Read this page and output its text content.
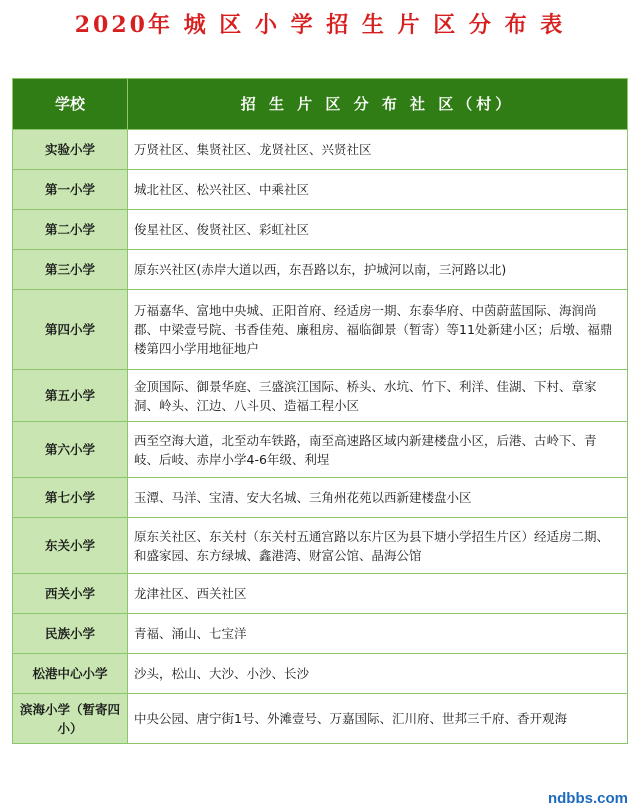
2020年 城 区 小 学 招 生 片 区 分 布 表
学校	招 生 片 区 分 布 社 区（村）
实验小学	万贤社区、集贤社区、龙贤社区、兴贤社区
第一小学	城北社区、松兴社区、中乘社区
第二小学	俊星社区、俊贤社区、彩虹社区
第三小学	原东兴社区(赤岸大道以西，东吾路以东，护城河以南，三河路以北)
第四小学	万福嘉华、富地中央城、正阳首府、经适房一期、东泰华府、中茵蔚蓝国际、海润尚郡、中梁壹号院、书香佳苑、廉租房、福临御景（暂寄）等11处新建小区；后墩、福鼎楼第四小学用地征地户
第五小学	金顶国际、御景华庭、三盛滨江国际、桥头、水坑、竹下、利洋、佳湖、下村、章家洞、岭头、江边、八斗贝、造福工程小区
第六小学	西至空海大道，北至动车铁路，南至高速路区域内新建楼盘小区，后港、古岭下、青岐、后岐、赤岸小学4-6年级、利埕
第七小学	玉潭、马洋、宝清、安大名城、三角州花苑以西新建楼盘小区
东关小学	原东关社区、东关村（东关村五通宫路以东片区为县下塘小学招生片区）经适房二期、和盛家园、东方绿城、鑫港湾、财富公馆、晶海公馆
西关小学	龙津社区、西关社区
民族小学	青福、涌山、七宝洋
松港中心小学	沙头，松山、大沙、小沙、长沙
滨海小学（暂寄四小）	中央公园、唐宁街1号、外滩壹号、万嘉国际、汇川府、世邦三千府、香开观海
ndbbs.com
